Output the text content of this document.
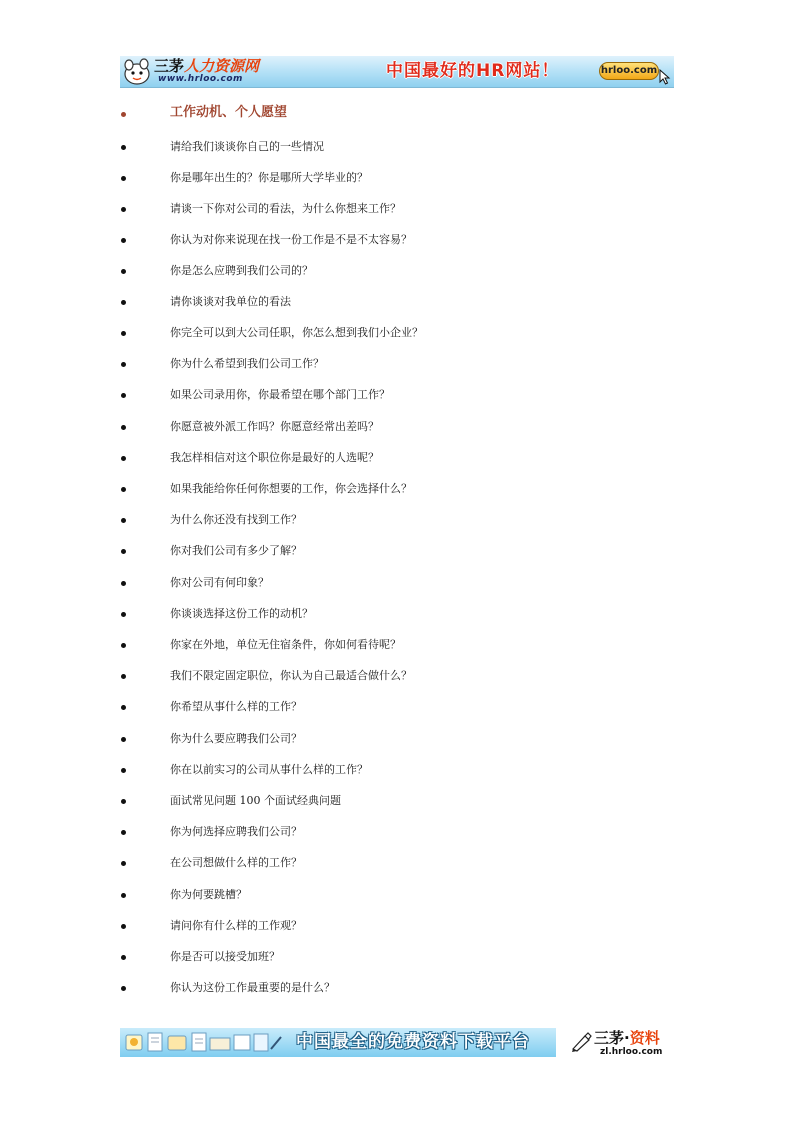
三茅人力资源网
www.hrloo.com	中国最好的HR网站！	hrloo.com
工作动机、个人愿望
请给我们谈谈你自己的一些情况
你是哪年出生的？你是哪所大学毕业的？
请谈一下你对公司的看法，为什么你想来工作？
你认为对你来说现在找一份工作是不是不太容易？
你是怎么应聘到我们公司的？
请你谈谈对我单位的看法
你完全可以到大公司任职，你怎么想到我们小企业？
你为什么希望到我们公司工作？
如果公司录用你，你最希望在哪个部门工作？
你愿意被外派工作吗？你愿意经常出差吗？
我怎样相信对这个职位你是最好的人选呢？
如果我能给你任何你想要的工作，你会选择什么？
为什么你还没有找到工作？
你对我们公司有多少了解？
你对公司有何印象？
你谈谈选择这份工作的动机？
你家在外地，单位无住宿条件，你如何看待呢？
我们不限定固定职位，你认为自己最适合做什么？
你希望从事什么样的工作？
你为什么要应聘我们公司？
你在以前实习的公司从事什么样的工作？
面试常见问题 100 个面试经典问题
你为何选择应聘我们公司？
在公司想做什么样的工作？
你为何要跳槽？
请问你有什么样的工作观？
你是否可以接受加班？
你认为这份工作最重要的是什么？
中国最全的免费资料下载平台	三茅·资料
zl.hrloo.com
